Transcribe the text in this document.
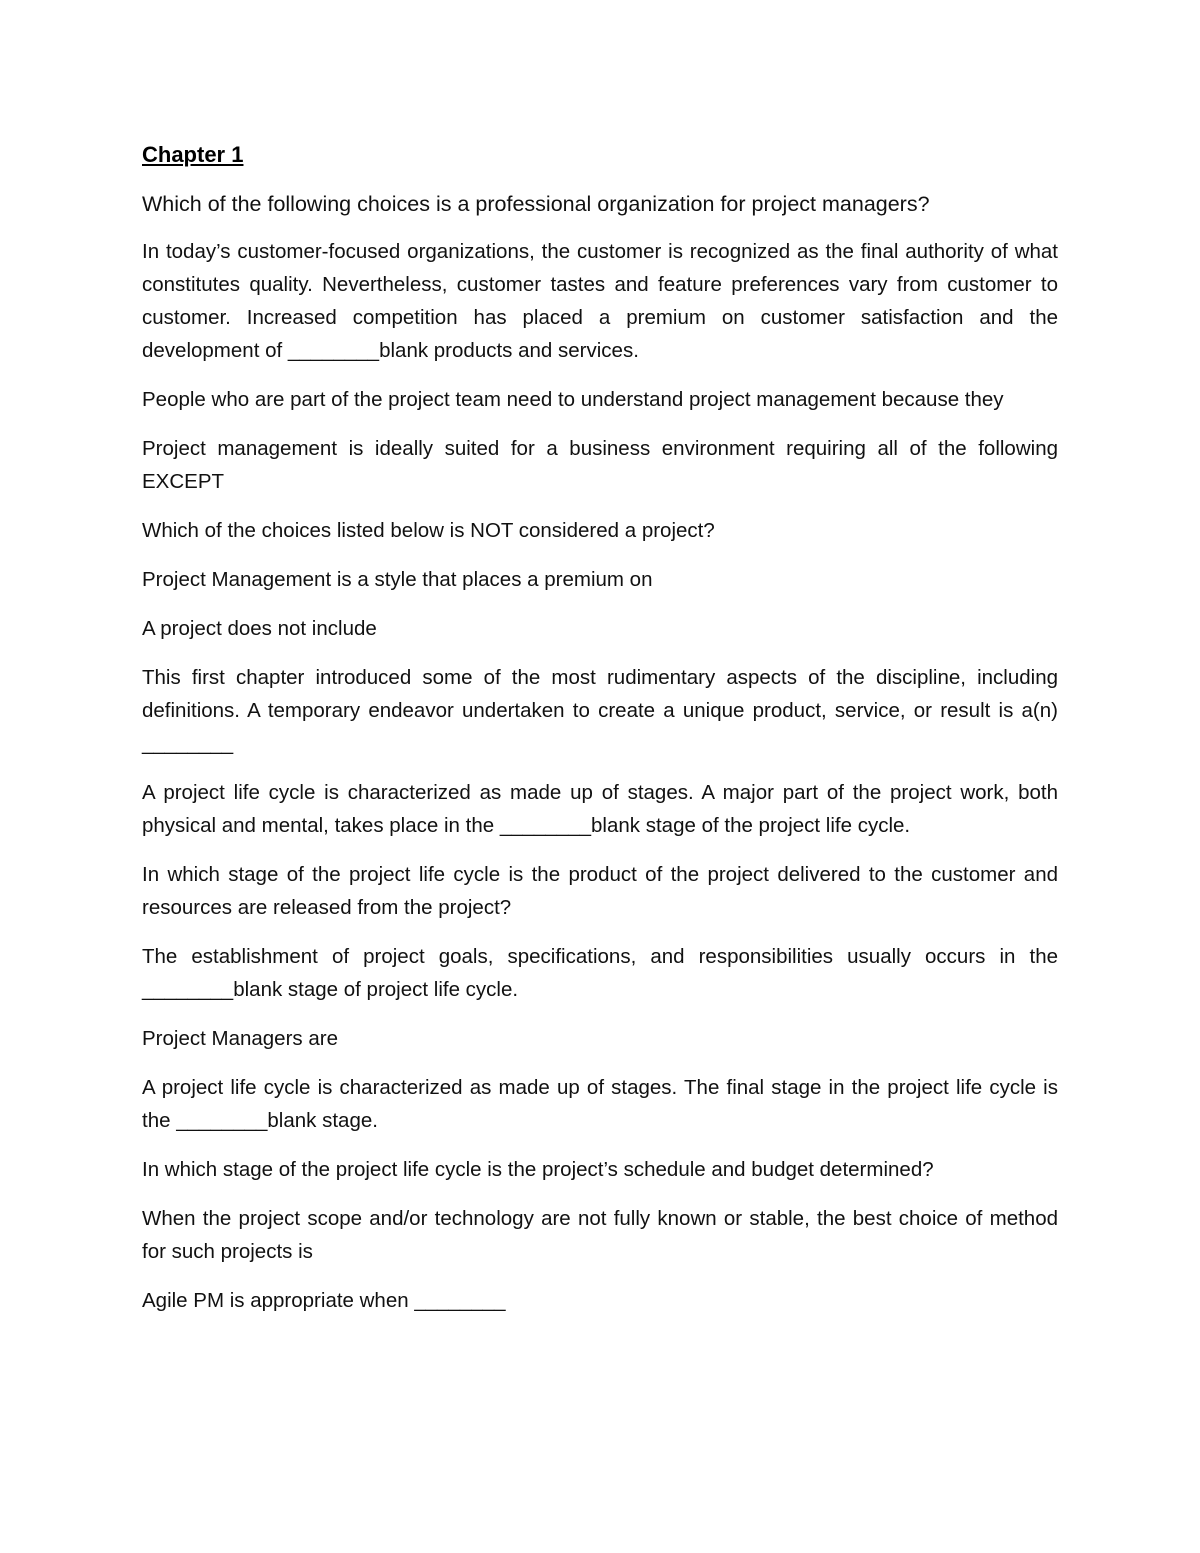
Chapter 1

Which of the following choices is a professional organization for project managers?

In today’s customer-focused organizations, the customer is recognized as the final authority of what constitutes quality. Nevertheless, customer tastes and feature preferences vary from customer to customer. Increased competition has placed a premium on customer satisfaction and the development of ________blank products and services.

People who are part of the project team need to understand project management because they

Project management is ideally suited for a business environment requiring all of the following EXCEPT

Which of the choices listed below is NOT considered a project?

Project Management is a style that places a premium on

A project does not include

This first chapter introduced some of the most rudimentary aspects of the discipline, including definitions. A temporary endeavor undertaken to create a unique product, service, or result is a(n) ________

A project life cycle is characterized as made up of stages. A major part of the project work, both physical and mental, takes place in the ________blank stage of the project life cycle.

In which stage of the project life cycle is the product of the project delivered to the customer and resources are released from the project?

The establishment of project goals, specifications, and responsibilities usually occurs in the ________blank stage of project life cycle.

Project Managers are

A project life cycle is characterized as made up of stages. The final stage in the project life cycle is the ________blank stage.

In which stage of the project life cycle is the project’s schedule and budget determined?

When the project scope and/or technology are not fully known or stable, the best choice of method for such projects is

Agile PM is appropriate when ________
